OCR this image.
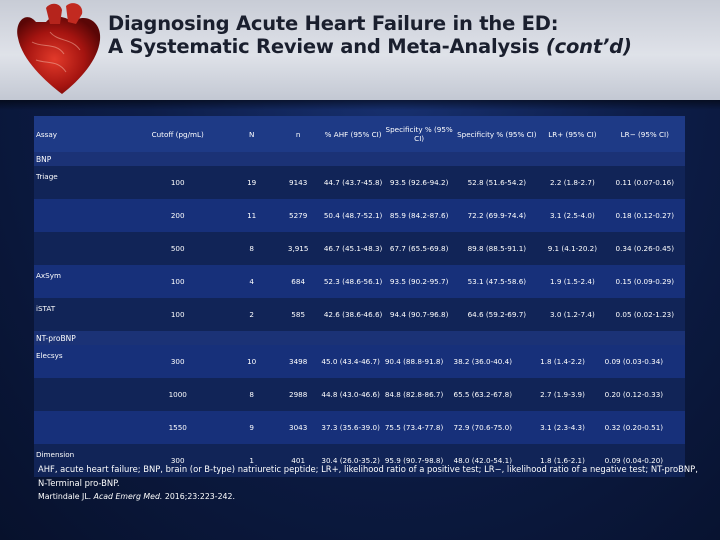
Diagnosing Acute Heart Failure in the ED:
A Systematic Review and Meta-Analysis (cont’d)
Assay	Cutoff (pg/mL)	N	n	% AHF (95% CI)	Specificity % (95% CI)	Specificity % (95% CI)	LR+ (95% CI)	LR− (95% CI)
BNP								
Triage	100	19	9143	44.7 (43.7-45.8)	93.5 (92.6-94.2)	52.8 (51.6-54.2)	2.2 (1.8-2.7)	0.11 (0.07-0.16)
	200	11	5279	50.4 (48.7-52.1)	85.9 (84.2-87.6)	72.2 (69.9-74.4)	3.1 (2.5-4.0)	0.18 (0.12-0.27)
	500	8	3,915	46.7 (45.1-48.3)	67.7 (65.5-69.8)	89.8 (88.5-91.1)	9.1 (4.1-20.2)	0.34 (0.26-0.45)
AxSym	100	4	684	52.3 (48.6-56.1)	93.5 (90.2-95.7)	53.1 (47.5-58.6)	1.9 (1.5-2.4)	0.15 (0.09-0.29)
iSTAT	100	2	585	42.6 (38.6-46.6)	94.4 (90.7-96.8)	64.6 (59.2-69.7)	3.0 (1.2-7.4)	0.05 (0.02-1.23)
NT-proBNP								
Elecsys	300	10	3498	45.0 (43.4-46.7)	90.4 (88.8-91.8)	38.2 (36.0-40.4)	1.8 (1.4-2.2)	0.09 (0.03-0.34)
	1000	8	2988	44.8 (43.0-46.6)	84.8 (82.8-86.7)	65.5 (63.2-67.8)	2.7 (1.9-3.9)	0.20 (0.12-0.33)
	1550	9	3043	37.3 (35.6-39.0)	75.5 (73.4-77.8)	72.9 (70.6-75.0)	3.1 (2.3-4.3)	0.32 (0.20-0.51)
Dimension	300	1	401	30.4 (26.0-35.2)	95.9 (90.7-98.8)	48.0 (42.0-54.1)	1.8 (1.6-2.1)	0.09 (0.04-0.20)
AHF, acute heart failure; BNP, brain (or B-type) natriuretic peptide; LR+, likelihood ratio of a positive test; LR−, likelihood ratio of a negative test; NT-proBNP, N-Terminal pro-BNP.
Martindale JL. Acad Emerg Med. 2016;23:223-242.
